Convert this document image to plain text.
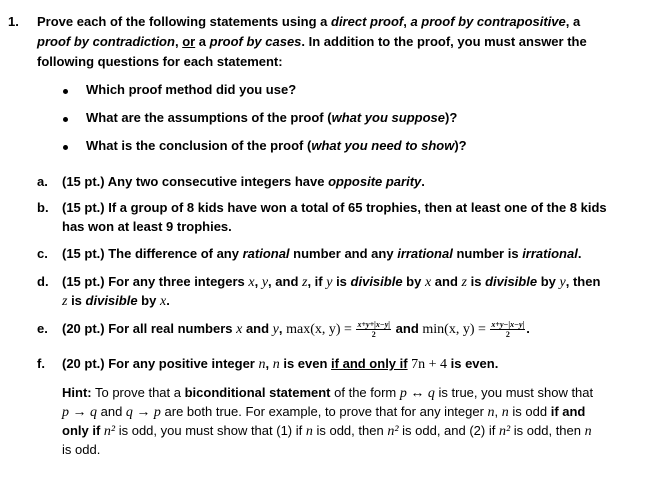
1. Prove each of the following statements using a direct proof, a proof by contrapositive, a
proof by contradiction, or a proof by cases. In addition to the proof, you must answer the
following questions for each statement:
Which proof method did you use?
What are the assumptions of the proof (what you suppose)?
What is the conclusion of the proof (what you need to show)?
a. (15 pt.) Any two consecutive integers have opposite parity.
b. (15 pt.) If a group of 8 kids have won a total of 65 trophies, then at least one of the 8 kids
has won at least 9 trophies.
c. (15 pt.) The difference of any rational number and any irrational number is irrational.
d. (15 pt.) For any three integers x, y, and z, if y is divisible by x and z is divisible by y, then
z is divisible by x.
e. (20 pt.) For all real numbers x and y, max(x, $y) = \frac{x+y+|x-y|}{2}$ and min(x, $y) = \frac{x+y-|x-y|}{2}$ .
f. (20 pt.) For any positive integer n, n is even if and only if 7n + 4 is even.
Hint: To prove that a biconditional statement of the form p ↔ q is true, you must show that
p → q and q → p are both true. For example, to prove that for any integer n, n is odd if and
only if n² is odd, you must show that (1) if n is odd, then n² is odd, and (2) if n² is odd, then n
is odd.
